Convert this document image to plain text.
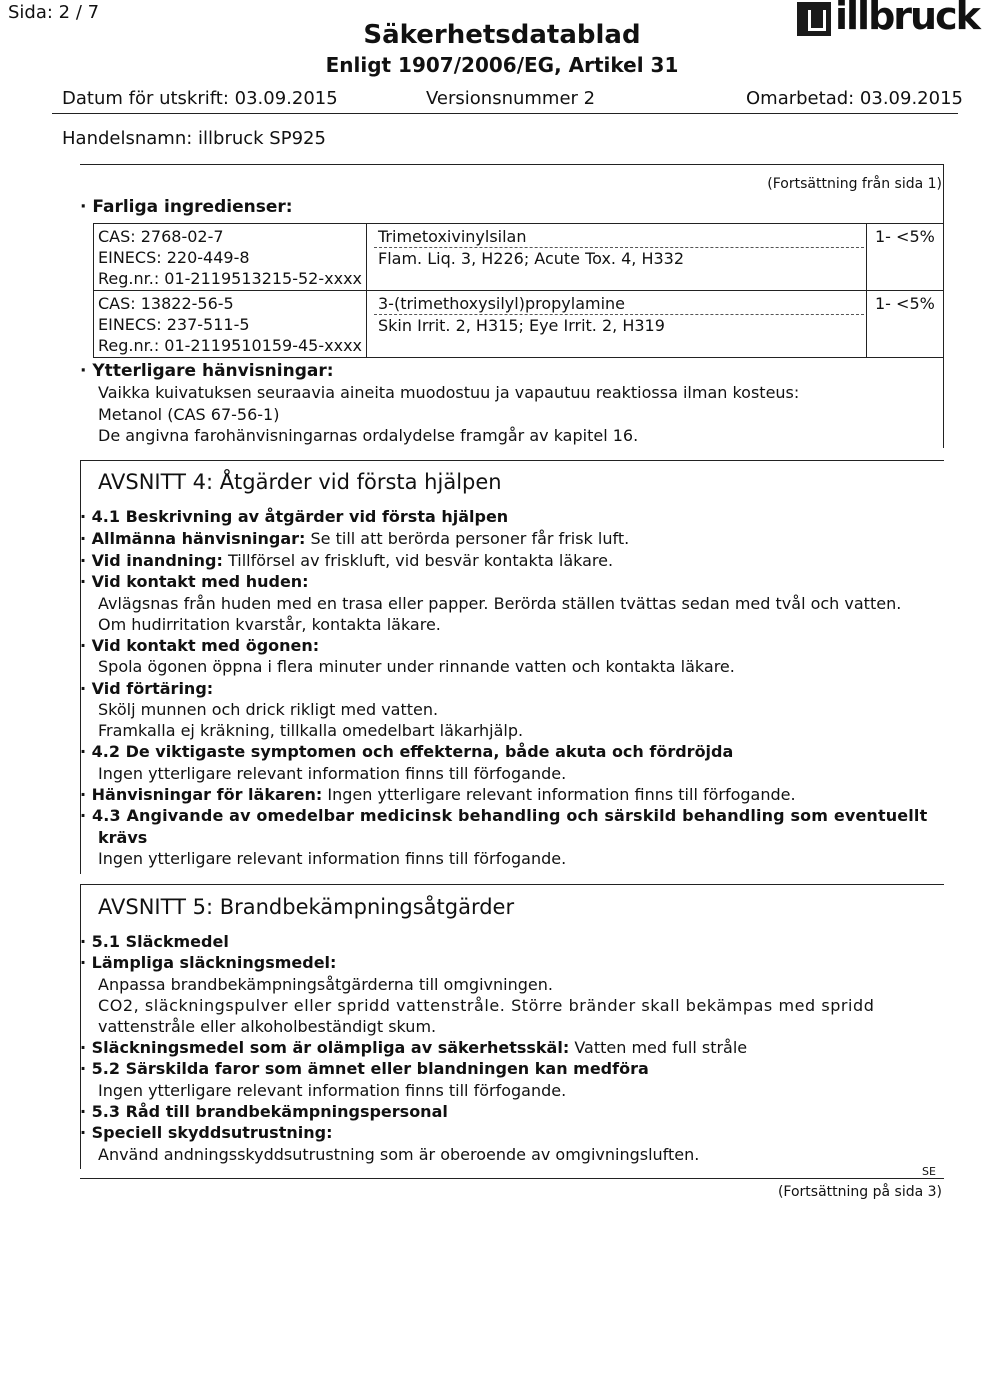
Sida: 2 / 7
Säkerhetsdatablad
Enligt 1907/2006/EG, Artikel 31
illbruck
Datum för utskrift: 03.09.2015	Versionsnummer 2	Omarbetad: 03.09.2015
Handelsnamn: illbruck SP925
(Fortsättning från sida 1)
· Farliga ingredienser:
CAS: 2768-02-7
EINECS: 220-449-8
Reg.nr.: 01-2119513215-52-xxxx
Trimetoxivinylsilan
Flam. Liq. 3, H226; Acute Tox. 4, H332
1- <5%
CAS: 13822-56-5
EINECS: 237-511-5
Reg.nr.: 01-2119510159-45-xxxx
3-(trimethoxysilyl)propylamine
Skin Irrit. 2, H315; Eye Irrit. 2, H319
1- <5%
· Ytterligare hänvisningar:
Vaikka kuivatuksen seuraavia aineita muodostuu ja vapautuu reaktiossa ilman kosteus:
Metanol (CAS 67-56-1)
De angivna farohänvisningarnas ordalydelse framgår av kapitel 16.
AVSNITT 4: Åtgärder vid första hjälpen
· 4.1 Beskrivning av åtgärder vid första hjälpen
· Allmänna hänvisningar: Se till att berörda personer får frisk luft.
· Vid inandning: Tillförsel av friskluft, vid besvär kontakta läkare.
· Vid kontakt med huden:
Avlägsnas från huden med en trasa eller papper. Berörda ställen tvättas sedan med tvål och vatten.
Om hudirritation kvarstår, kontakta läkare.
· Vid kontakt med ögonen:
Spola ögonen öppna i flera minuter under rinnande vatten och kontakta läkare.
· Vid förtäring:
Skölj munnen och drick rikligt med vatten.
Framkalla ej kräkning, tillkalla omedelbart läkarhjälp.
· 4.2 De viktigaste symptomen och effekterna, både akuta och fördröjda
Ingen ytterligare relevant information finns till förfogande.
· Hänvisningar för läkaren: Ingen ytterligare relevant information finns till förfogande.
· 4.3 Angivande av omedelbar medicinsk behandling och särskild behandling som eventuellt
krävs
Ingen ytterligare relevant information finns till förfogande.
AVSNITT 5: Brandbekämpningsåtgärder
· 5.1 Släckmedel
· Lämpliga släckningsmedel:
Anpassa brandbekämpningsåtgärderna till omgivningen.
CO2, släckningspulver eller spridd vattenstråle. Större bränder skall bekämpas med spridd
vattenstråle eller alkoholbeständigt skum.
· Släckningsmedel som är olämpliga av säkerhetsskäl: Vatten med full stråle
· 5.2 Särskilda faror som ämnet eller blandningen kan medföra
Ingen ytterligare relevant information finns till förfogande.
· 5.3 Råd till brandbekämpningspersonal
· Speciell skyddsutrustning:
Använd andningsskyddsutrustning som är oberoende av omgivningsluften.
SE
(Fortsättning på sida 3)
